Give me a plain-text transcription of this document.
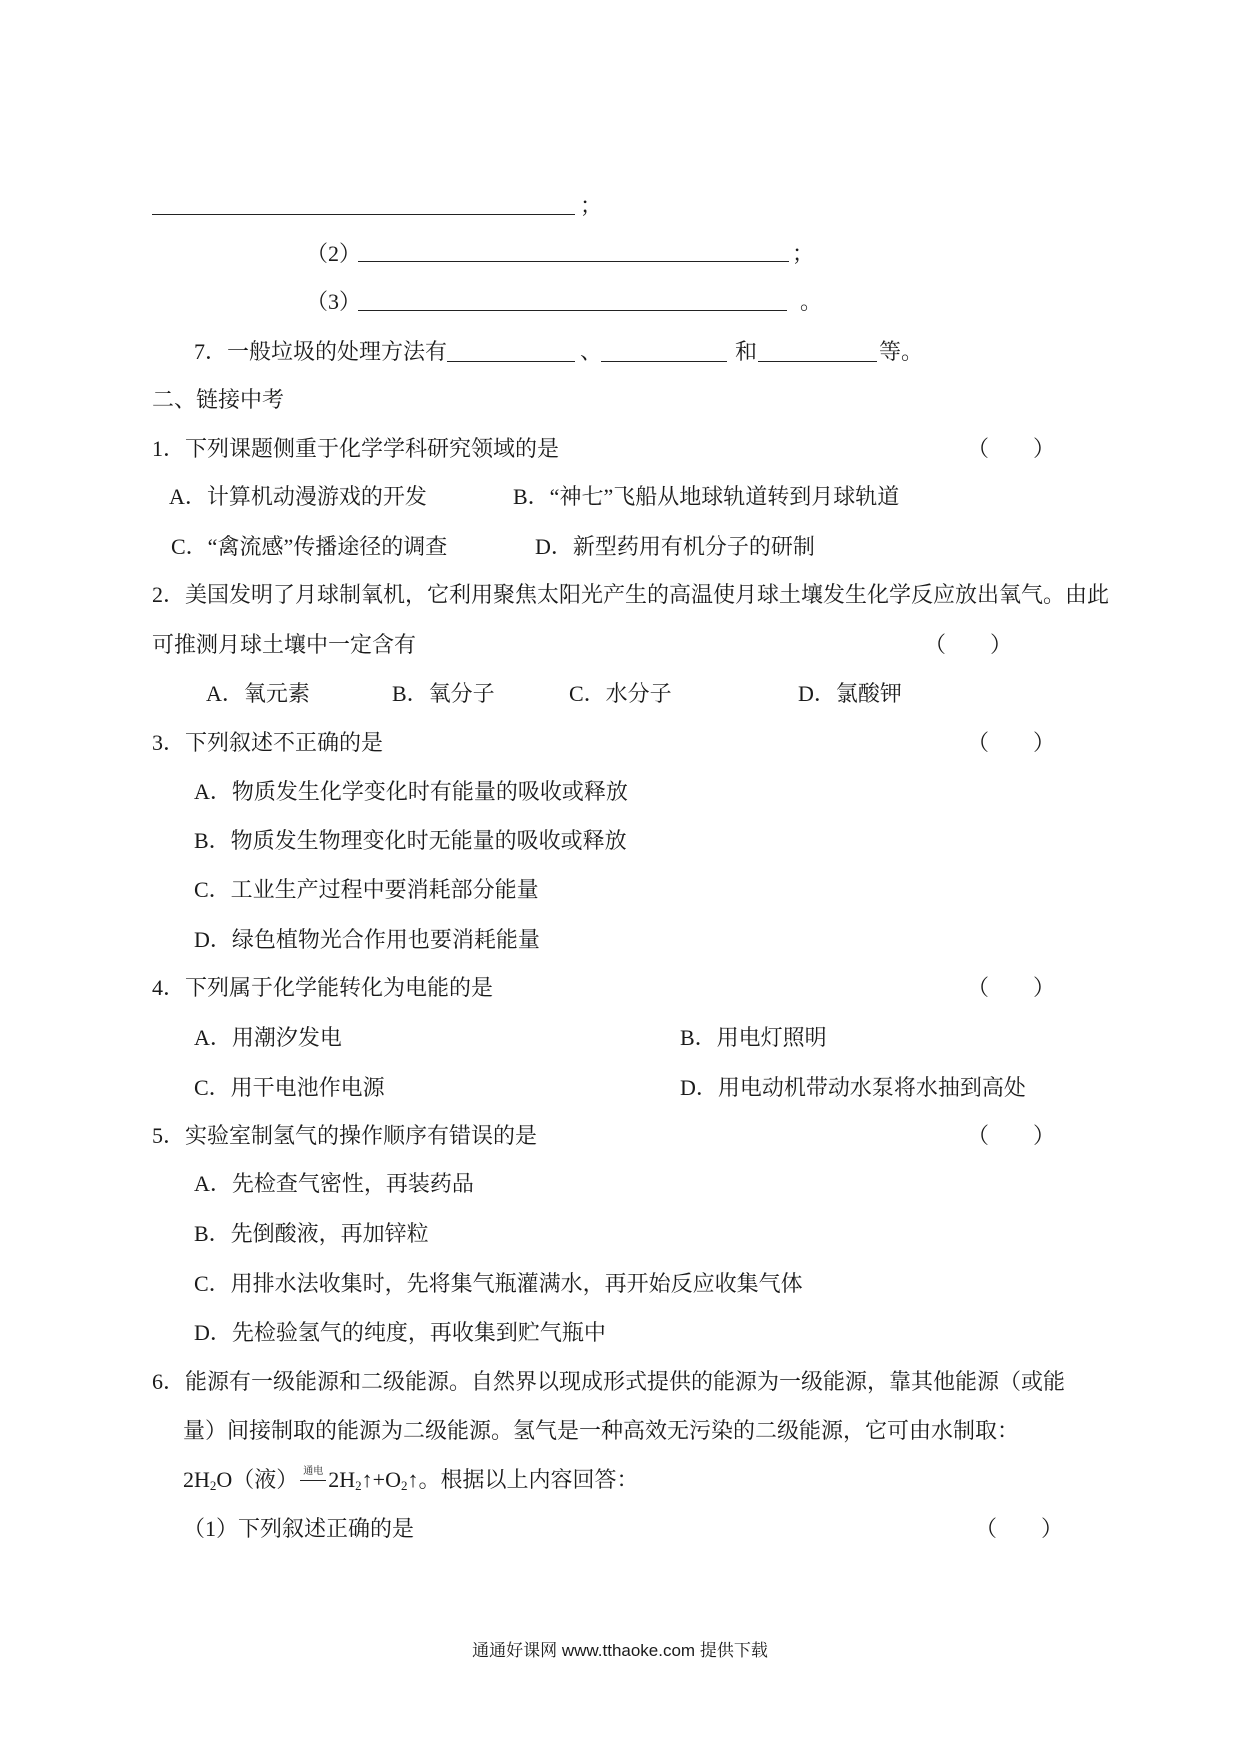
；
（2）	；
（3）	。
7．一般垃圾的处理方法有	、	和	等。
二、链接中考
1．下列课题侧重于化学学科研究领域的是	（　　）
A．计算机动漫游戏的开发	B．“神七”飞船从地球轨道转到月球轨道
C．“禽流感”传播途径的调查	D．新型药用有机分子的研制
2．美国发明了月球制氧机，它利用聚焦太阳光产生的高温使月球土壤发生化学反应放出氧气。由此
可推测月球土壤中一定含有	（　　）
A．氧元素	B．氧分子	C．水分子	D．氯酸钾
3．下列叙述不正确的是	（　　）
A．物质发生化学变化时有能量的吸收或释放
B．物质发生物理变化时无能量的吸收或释放
C．工业生产过程中要消耗部分能量
D．绿色植物光合作用也要消耗能量
4．下列属于化学能转化为电能的是	（　　）
A．用潮汐发电	B．用电灯照明
C．用干电池作电源	D．用电动机带动水泵将水抽到高处
5．实验室制氢气的操作顺序有错误的是	（　　）
A．先检查气密性，再装药品
B．先倒酸液，再加锌粒
C．用排水法收集时，先将集气瓶灌满水，再开始反应收集气体
D．先检验氢气的纯度，再收集到贮气瓶中
6．能源有一级能源和二级能源。自然界以现成形式提供的能源为一级能源，靠其他能源（或能
量）间接制取的能源为二级能源。氢气是一种高效无污染的二级能源，它可由水制取：
$2H_2O$（液） 通电 $2H_2↑+O_2↑$。根据以上内容回答：
（1）下列叙述正确的是	（　　）
通通好课网 www.tthaoke.com 提供下载
